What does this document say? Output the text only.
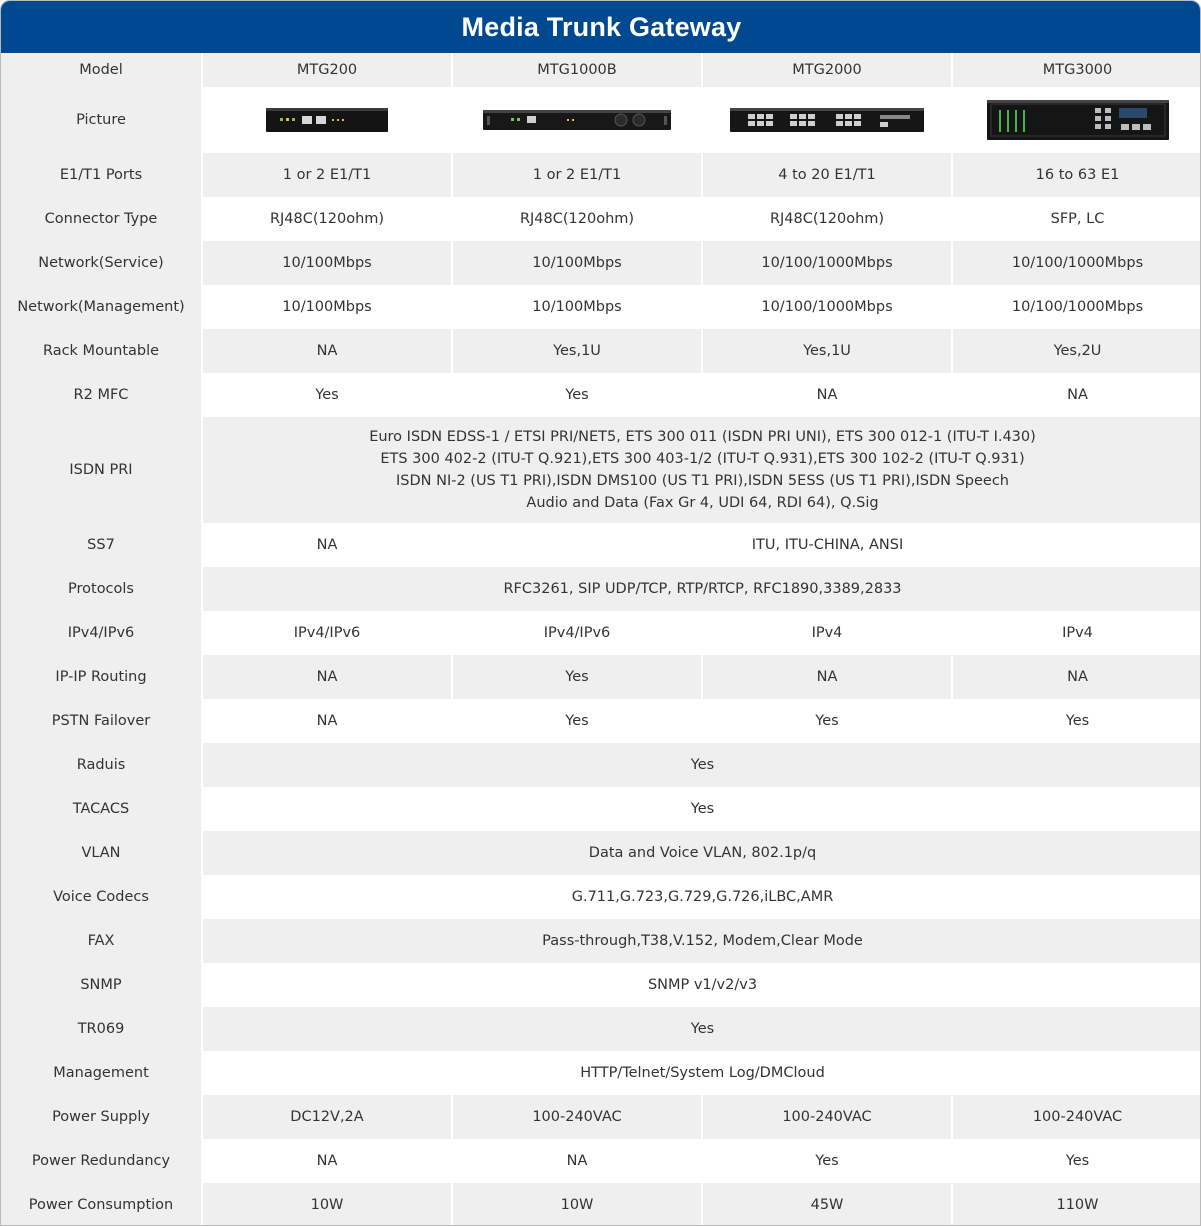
Media Trunk Gateway
Model	MTG200	MTG1000B	MTG2000	MTG3000
Picture	

E1/T1 Ports	1 or 2 E1/T1	1 or 2 E1/T1	4 to 20 E1/T1	16 to 63 E1
Connector Type	RJ48C(120ohm)	RJ48C(120ohm)	RJ48C(120ohm)	SFP, LC
Network(Service)	10/100Mbps	10/100Mbps	10/100/1000Mbps	10/100/1000Mbps
Network(Management)	10/100Mbps	10/100Mbps	10/100/1000Mbps	10/100/1000Mbps
Rack Mountable	NA	Yes,1U	Yes,1U	Yes,2U
R2 MFC	Yes	Yes	NA	NA
ISDN PRI	Euro ISDN EDSS-1 / ETSI PRI/NET5, ETS 300 011 (ISDN PRI UNI), ETS 300 012-1 (ITU-T I.430)
ETS 300 402-2 (ITU-T Q.921),ETS 300 403-1/2 (ITU-T Q.931),ETS 300 102-2 (ITU-T Q.931)
ISDN NI-2 (US T1 PRI),ISDN DMS100 (US T1 PRI),ISDN 5ESS (US T1 PRI),ISDN Speech
Audio and Data (Fax Gr 4, UDI 64, RDI 64), Q.Sig			

SS7	NA	ITU, ITU-CHINA, ANSI		
Protocols	RFC3261, SIP UDP/TCP, RTP/RTCP, RFC1890,3389,2833			
IPv4/IPv6	IPv4/IPv6	IPv4/IPv6	IPv4	IPv4
IP-IP Routing	NA	Yes	NA	NA
PSTN Failover	NA	Yes	Yes	Yes
Raduis	Yes			
TACACS	Yes			
VLAN	Data and Voice VLAN, 802.1p/q			
Voice Codecs	G.711,G.723,G.729,G.726,iLBC,AMR			
FAX	Pass-through,T38,V.152, Modem,Clear Mode			
SNMP	SNMP v1/v2/v3			
TR069	Yes			
Management	HTTP/Telnet/System Log/DMCloud			
Power Supply	DC12V,2A	100-240VAC	100-240VAC	100-240VAC
Power Redundancy	NA	NA	Yes	Yes
Power Consumption	10W	10W	45W	110W
